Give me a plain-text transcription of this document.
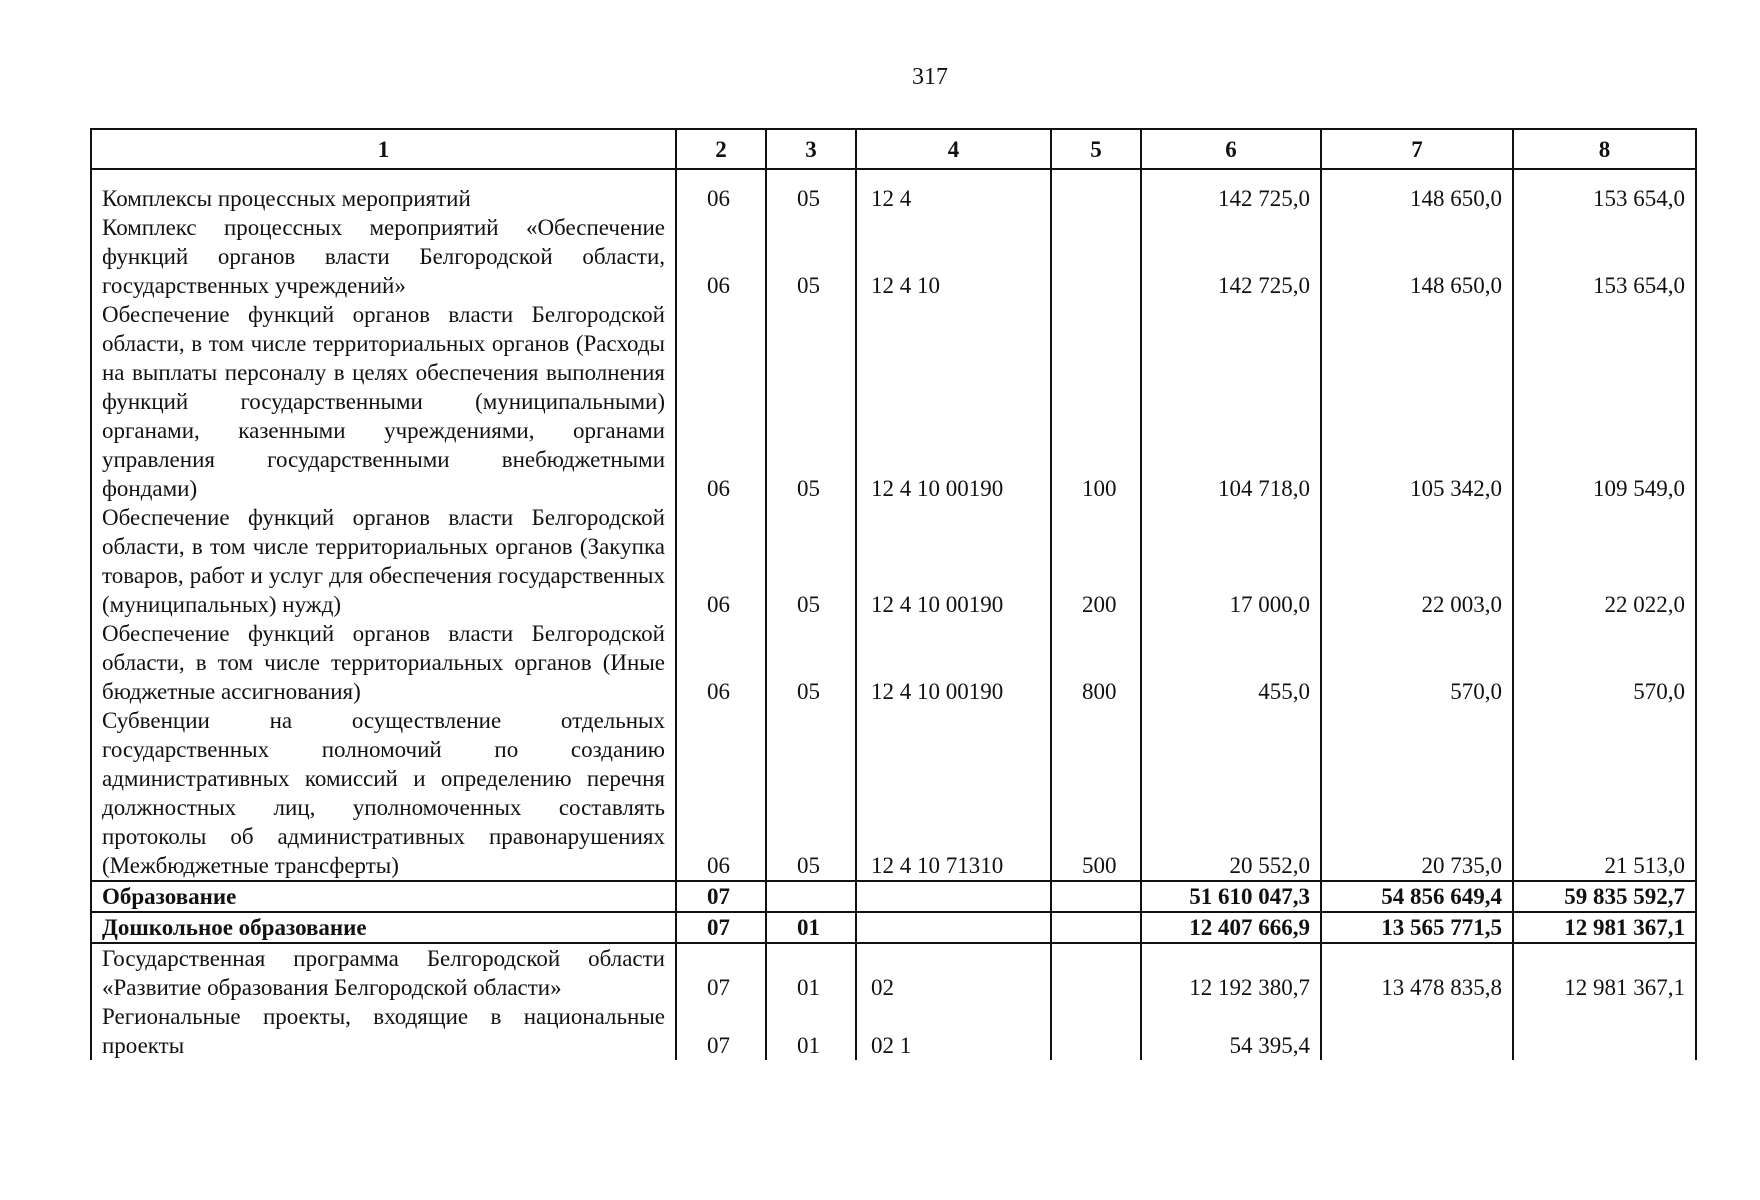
317
1	2	3	4	5	6	7	8
Комплексы процессных мероприятий	06	05	12 4		142 725,0	148 650,0	153 654,0
Комплекс процессных мероприятий «Обеспечение функций органов власти Белгородской области, государственных учреждений»	06	05	12 4 10		142 725,0	148 650,0	153 654,0
Обеспечение функций органов власти Белгородской области, в том числе территориальных органов (Расходы на выплаты персоналу в целях обеспечения выполнения функций государственными (муниципальными) органами, казенными учреждениями, органами управления государственными внебюджетными фондами)	06	05	12 4 10 00190	100	104 718,0	105 342,0	109 549,0
Обеспечение функций органов власти Белгородской области, в том числе территориальных органов (Закупка товаров, работ и услуг для обеспечения государственных (муниципальных) нужд)	06	05	12 4 10 00190	200	17 000,0	22 003,0	22 022,0
Обеспечение функций органов власти Белгородской области, в том числе территориальных органов (Иные бюджетные ассигнования)	06	05	12 4 10 00190	800	455,0	570,0	570,0
Субвенции на осуществление отдельных государственных полномочий по созданию административных комиссий и определению перечня должностных лиц, уполномоченных составлять протоколы об административных правонарушениях (Межбюджетные трансферты)	06	05	12 4 10 71310	500	20 552,0	20 735,0	21 513,0
Образование	07				51 610 047,3	54 856 649,4	59 835 592,7
Дошкольное образование	07	01			12 407 666,9	13 565 771,5	12 981 367,1
Государственная программа Белгородской области «Развитие образования Белгородской области»	07	01	02		12 192 380,7	13 478 835,8	12 981 367,1
Региональные проекты, входящие в национальные проекты	07	01	02 1		54 395,4		
